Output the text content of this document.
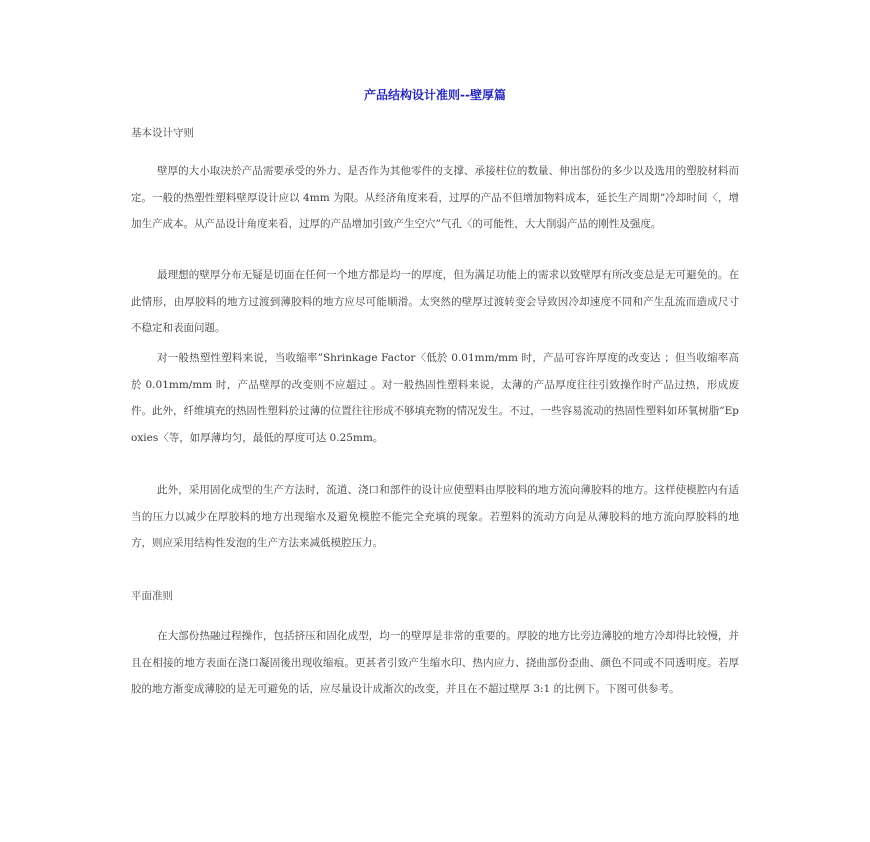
产品结构设计准则--壁厚篇
基本设计守则

壁厚的大小取决於产品需要承受的外力、是否作为其他零件的支撑、承接柱位的数量、伸出部份的多少以及选用的塑胶材料而定。一般的热塑性塑料壁厚设计应以 4mm 为限。从经济角度来看，过厚的产品不但增加物料成本，延长生产周期”冷却时间〈，增加生产成本。从产品设计角度来看，过厚的产品增加引致产生空穴”气孔〈的可能性，大大削弱产品的刚性及强度。

最理想的壁厚分布无疑是切面在任何一个地方都是均一的厚度，但为满足功能上的需求以致壁厚有所改变总是无可避免的。在此情形，由厚胶料的地方过渡到薄胶料的地方应尽可能顺滑。太突然的壁厚过渡转变会导致因冷却速度不同和产生乱流而造成尺寸不稳定和表面问题。

对一般热塑性塑料来说，当收缩率”Shrinkage Factor〈低於 0.01mm/mm 时，产品可容许厚度的改变达 ；但当收缩率高於 0.01mm/mm 时，产品壁厚的改变则不应超过 。对一般热固性塑料来说，太薄的产品厚度往往引致操作时产品过热，形成废件。此外，纤维填充的热固性塑料於过薄的位置往往形成不够填充物的情况发生。不过，一些容易流动的热固性塑料如环氧树脂”Epoxies〈等，如厚薄均匀，最低的厚度可达 0.25mm。

此外，采用固化成型的生产方法时，流道、浇口和部件的设计应使塑料由厚胶料的地方流向薄胶料的地方。这样使模腔内有适当的压力以减少在厚胶料的地方出现缩水及避免模腔不能完全充填的现象。若塑料的流动方向是从薄胶料的地方流向厚胶料的地方，则应采用结构性发泡的生产方法来减低模腔压力。

平面准则

在大部份热融过程操作，包括挤压和固化成型，均一的壁厚是非常的重要的。厚胶的地方比旁边薄胶的地方冷却得比较慢，并且在相接的地方表面在浇口凝固後出现收缩痕。更甚者引致产生缩水印、热内应力、挠曲部份歪曲、颜色不同或不同透明度。若厚胶的地方渐变成薄胶的是无可避免的话，应尽量设计成渐次的改变，并且在不超过壁厚 3:1 的比例下。下图可供参考。
